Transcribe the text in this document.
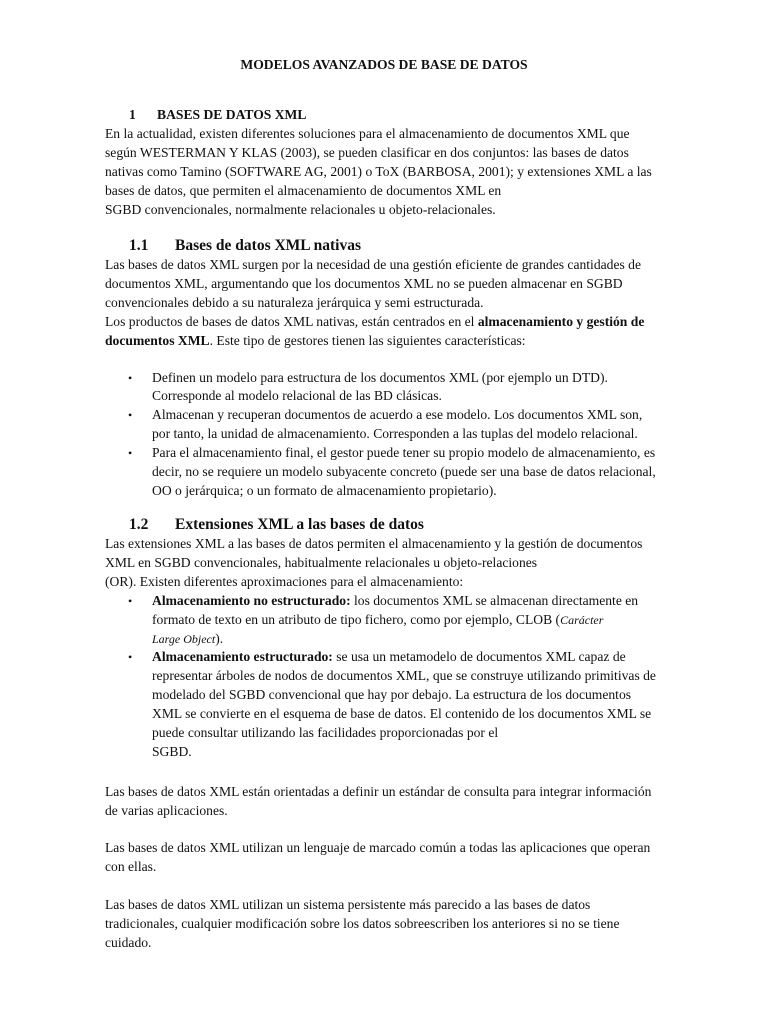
MODELOS AVANZADOS DE BASE DE DATOS
1 BASES DE DATOS XML

En la actualidad, existen diferentes soluciones para el almacenamiento de documentos XML que
según WESTERMAN Y KLAS (2003), se pueden clasificar en dos conjuntos: las bases de datos
nativas como Tamino (SOFTWARE AG, 2001) o ToX (BARBOSA, 2001); y extensiones XML a las
bases de datos, que permiten el almacenamiento de documentos XML en
SGBD convencionales, normalmente relacionales u objeto-relacionales.

1.1 Bases de datos XML nativas

Las bases de datos XML surgen por la necesidad de una gestión eficiente de grandes cantidades de
documentos XML, argumentando que los documentos XML no se pueden almacenar en SGBD
convencionales debido a su naturaleza jerárquica y semi estructurada.
Los productos de bases de datos XML nativas, están centrados en el almacenamiento y gestión de
documentos XML. Este tipo de gestores tienen las siguientes características:

• Definen un modelo para estructura de los documentos XML (por ejemplo un DTD).
Corresponde al modelo relacional de las BD clásicas.
• Almacenan y recuperan documentos de acuerdo a ese modelo. Los documentos XML son,
por tanto, la unidad de almacenamiento. Corresponden a las tuplas del modelo relacional.
• Para el almacenamiento final, el gestor puede tener su propio modelo de almacenamiento, es
decir, no se requiere un modelo subyacente concreto (puede ser una base de datos relacional,
OO o jerárquica; o un formato de almacenamiento propietario).
1.2 Extensiones XML a las bases de datos

Las extensiones XML a las bases de datos permiten el almacenamiento y la gestión de documentos
XML en SGBD convencionales, habitualmente relacionales u objeto-relaciones
(OR). Existen diferentes aproximaciones para el almacenamiento:

• Almacenamiento no estructurado: los documentos XML se almacenan directamente en
formato de texto en un atributo de tipo fichero, como por ejemplo, CLOB (Carácter
Large Object).
• Almacenamiento estructurado: se usa un metamodelo de documentos XML capaz de
representar árboles de nodos de documentos XML, que se construye utilizando primitivas de
modelado del SGBD convencional que hay por debajo. La estructura de los documentos
XML se convierte en el esquema de base de datos. El contenido de los documentos XML se
puede consultar utilizando las facilidades proporcionadas por el
SGBD.

Las bases de datos XML están orientadas a definir un estándar de consulta para integrar información
de varias aplicaciones.

Las bases de datos XML utilizan un lenguaje de marcado común a todas las aplicaciones que operan
con ellas.

Las bases de datos XML utilizan un sistema persistente más parecido a las bases de datos
tradicionales, cualquier modificación sobre los datos sobreescriben los anteriores si no se tiene
cuidado.
